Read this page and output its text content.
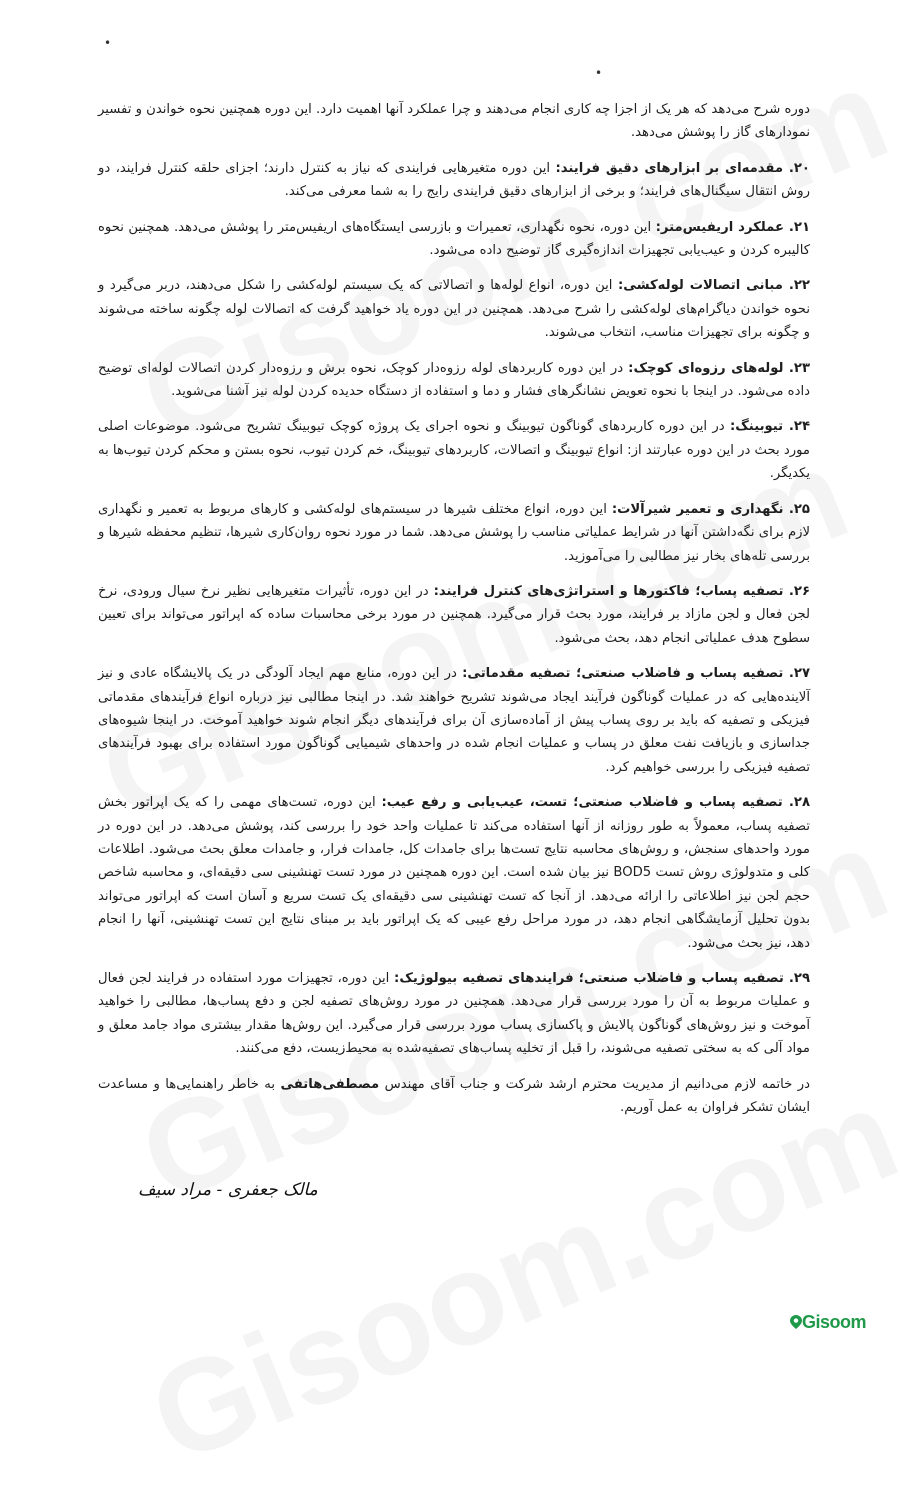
•
•

دوره شرح می‌دهد که هر یک از اجزا چه کاری انجام می‌دهند و چرا عملکرد آنها اهمیت دارد. این دوره همچنین نحوه خواندن و تفسیر نمودارهای گاز را پوشش می‌دهد.

۲۰. مقدمه‌ای بر ابزارهای دقیق فرایند: این دوره متغیرهایی فرایندی که نیاز به کنترل دارند؛ اجزای حلقه کنترل فرایند، دو روش انتقال سیگنال‌های فرایند؛ و برخی از ابزارهای دقیق فرایندی رایج را به شما معرفی می‌کند.

۲۱. عملکرد اریفیس‌متر: این دوره، نحوه نگهداری، تعمیرات و بازرسی ایستگاه‌های اریفیس‌متر را پوشش می‌دهد. همچنین نحوه کالیبره کردن و عیب‌یابی تجهیزات اندازه‌گیری گاز توضیح داده می‌شود.

۲۲. مبانی اتصالات لوله‌کشی: این دوره، انواع لوله‌ها و اتصالاتی که یک سیستم لوله‌کشی را شکل می‌دهند، دربر می‌گیرد و نحوه خواندن دیاگرام‌های لوله‌کشی را شرح می‌دهد. همچنین در این دوره یاد خواهید گرفت که اتصالات لوله چگونه ساخته می‌شوند و چگونه برای تجهیزات مناسب، انتخاب می‌شوند.

۲۳. لوله‌های رزوه‌ای کوچک: در این دوره کاربردهای لوله رزوه‌دار کوچک، نحوه برش و رزوه‌دار کردن اتصالات لوله‌ای توضیح داده می‌شود. در اینجا با نحوه تعویض نشانگرهای فشار و دما و استفاده از دستگاه حدیده کردن لوله نیز آشنا می‌شوید.

۲۴. تیوبینگ: در این دوره کاربردهای گوناگون تیوبینگ و نحوه اجرای یک پروژه کوچک تیوبینگ تشریح می‌شود. موضوعات اصلی مورد بحث در این دوره عبارتند از: انواع تیوبینگ و اتصالات، کاربردهای تیوبینگ، خم کردن تیوب، نحوه بستن و محکم کردن تیوب‌ها به یکدیگر.

۲۵. نگهداری و تعمیر شیرآلات: این دوره، انواع مختلف شیرها در سیستم‌های لوله‌کشی و کارهای مربوط به تعمیر و نگهداری لازم برای نگه‌داشتن آنها در شرایط عملیاتی مناسب را پوشش می‌دهد. شما در مورد نحوه روان‌کاری شیرها، تنظیم محفظه شیرها و بررسی تله‌های بخار نیز مطالبی را می‌آموزید.

۲۶. تصفیه پساب؛ فاکتورها و استراتژی‌های کنترل فرایند: در این دوره، تأثیرات متغیرهایی نظیر نرخ سیال ورودی، نرخ لجن فعال و لجن مازاد بر فرایند، مورد بحث قرار می‌گیرد. همچنین در مورد برخی محاسبات ساده که اپراتور می‌تواند برای تعیین سطوح هدف عملیاتی انجام دهد، بحث می‌شود.

۲۷. تصفیه پساب و فاضلاب صنعتی؛ تصفیه مقدماتی: در این دوره، منابع مهم ایجاد آلودگی در یک پالایشگاه عادی و نیز آلاینده‌هایی که در عملیات گوناگون فرآیند ایجاد می‌شوند تشریح خواهند شد. در اینجا مطالبی نیز درباره انواع فرآیندهای مقدماتی فیزیکی و تصفیه که باید بر روی پساب پیش از آماده‌سازی آن برای فرآیندهای دیگر انجام شوند خواهید آموخت. در اینجا شیوه‌های جداسازی و بازیافت نفت معلق در پساب و عملیات انجام شده در واحدهای شیمیایی گوناگون مورد استفاده برای بهبود فرآیندهای تصفیه فیزیکی را بررسی خواهیم کرد.

۲۸. تصفیه پساب و فاضلاب صنعتی؛ تست، عیب‌یابی و رفع عیب: این دوره، تست‌های مهمی را که یک اپراتور بخش تصفیه پساب، معمولاً به طور روزانه از آنها استفاده می‌کند تا عملیات واحد خود را بررسی کند، پوشش می‌دهد. در این دوره در مورد واحدهای سنجش، و روش‌های محاسبه نتایج تست‌ها برای جامدات کل، جامدات فرار، و جامدات معلق بحث می‌شود. اطلاعات کلی و متدولوژی روش تست BOD5 نیز بیان شده است. این دوره همچنین در مورد تست تهنشینی سی دقیقه‌ای، و محاسبه شاخص حجم لجن نیز اطلاعاتی را ارائه می‌دهد. از آنجا که تست تهنشینی سی دقیقه‌ای یک تست سریع و آسان است که اپراتور می‌تواند بدون تحلیل آزمایشگاهی انجام دهد، در مورد مراحل رفع عیبی که یک اپراتور باید بر مبنای نتایج این تست تهنشینی، آنها را انجام دهد، نیز بحث می‌شود.

۲۹. تصفیه پساب و فاضلاب صنعتی؛ فرایندهای تصفیه بیولوژیک: این دوره، تجهیزات مورد استفاده در فرایند لجن فعال و عملیات مربوط به آن را مورد بررسی قرار می‌دهد. همچنین در مورد روش‌های تصفیه لجن و دفع پساب‌ها، مطالبی را خواهید آموخت و نیز روش‌های گوناگون پالایش و پاکسازی پساب مورد بررسی قرار می‌گیرد. این روش‌ها مقدار بیشتری مواد جامد معلق و مواد آلی که به سختی تصفیه می‌شوند، را قبل از تخلیه پساب‌های تصفیه‌شده به محیط‌زیست، دفع می‌کنند.

در خاتمه لازم می‌دانیم از مدیریت محترم ارشد شرکت و جناب آقای مهندس مصطفی‌هاتفی به خاطر راهنمایی‌ها و مساعدت ایشان تشکر فراوان به عمل آوریم.

مالک جعفری - مراد سیف
Gisoom
